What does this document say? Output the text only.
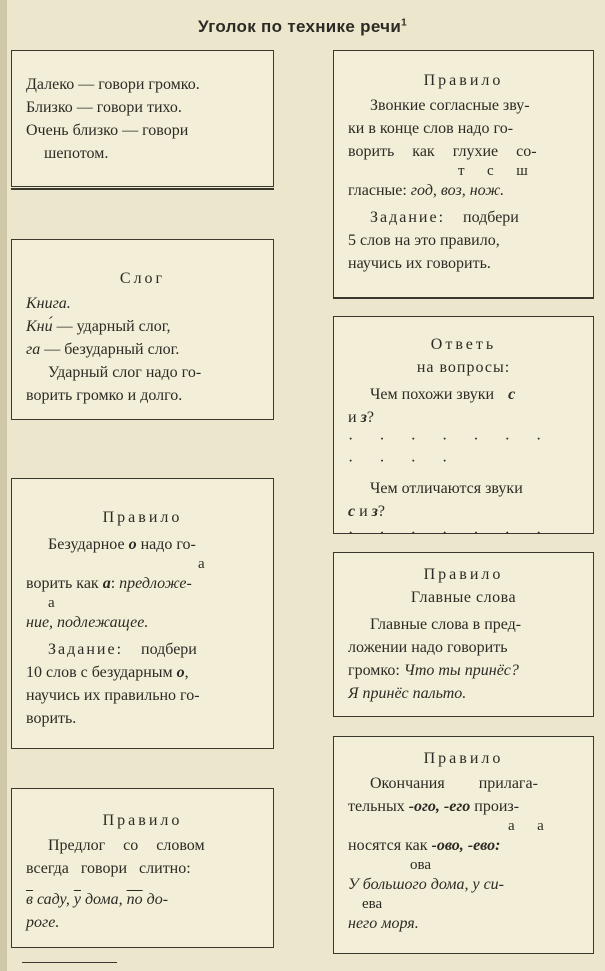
Уголок по технике речи$^1$

Далеко — говори громко.

Близко — говори тихо.

Очень близко — говори

шепотом.

Слог

Книга.

Кни́ — ударный слог,

га — безударный слог.

Ударный слог надо го-

ворить громко и долго.

Правило

Безударное о надо го-

а

ворить как а: предложе-

а

ние, подлежащее.

Задание: подбери

10 слов с безударным о,

научись их правильно го-

ворить.

Правило

Предлог со словом

всегда говори слитно:

в саду, у дома, по до-

роге.

Правило

Звонкие согласные зву-

ки в конце слов надо го-

ворить как глухие со-

т      с      ш

гласные: год, воз, нож.

Задание: подбери

5 слов на это правило,

научись их говорить.

Ответь

на вопросы:

Чем похожи звуки с

и з?

· · · · · · · · · · ·

Чем отличаются звуки

с и з?

· · · · · · ·

Правило

Главные слова

Главные слова в пред-

ложении надо говорить

громко: Что ты принёс?

Я принёс пальто.

Правило

Окончания прилага-

тельных -ого, -его произ-

а      а

носятся как -ово, -ево:

ова

У большого дома, у си-

ева

него моря.
